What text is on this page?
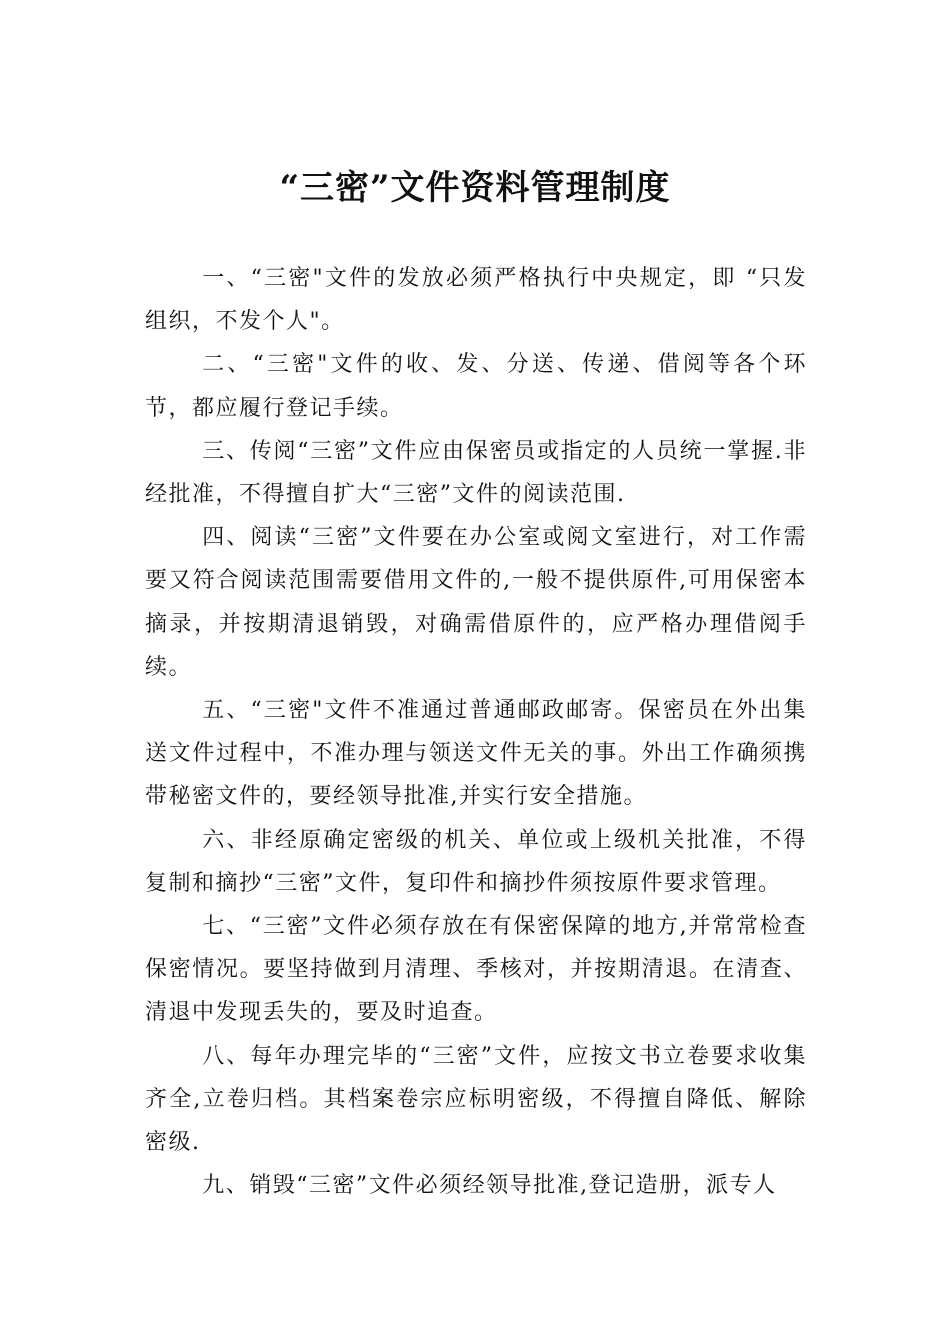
“三密”文件资料管理制度

一、“三密"文件的发放必须严格执行中央规定，即 “只发组织，不发个人"。

二、“三密"文件的收、发、分送、传递、借阅等各个环节，都应履行登记手续。

三、传阅“三密”文件应由保密员或指定的人员统一掌握.非经批准，不得擅自扩大“三密”文件的阅读范围.

四、阅读“三密”文件要在办公室或阅文室进行，对工作需要又符合阅读范围需要借用文件的,一般不提供原件,可用保密本摘录，并按期清退销毁，对确需借原件的，应严格办理借阅手续。

五、“三密"文件不准通过普通邮政邮寄。保密员在外出集送文件过程中，不准办理与领送文件无关的事。外出工作确须携带秘密文件的，要经领导批准,并实行安全措施。

六、非经原确定密级的机关、单位或上级机关批准，不得复制和摘抄“三密”文件，复印件和摘抄件须按原件要求管理。

七、“三密”文件必须存放在有保密保障的地方,并常常检查保密情况。要坚持做到月清理、季核对，并按期清退。在清查、清退中发现丢失的，要及时追查。

八、每年办理完毕的“三密”文件，应按文书立卷要求收集齐全,立卷归档。其档案卷宗应标明密级，不得擅自降低、解除密级.

九、销毁“三密”文件必须经领导批准,登记造册，派专人
